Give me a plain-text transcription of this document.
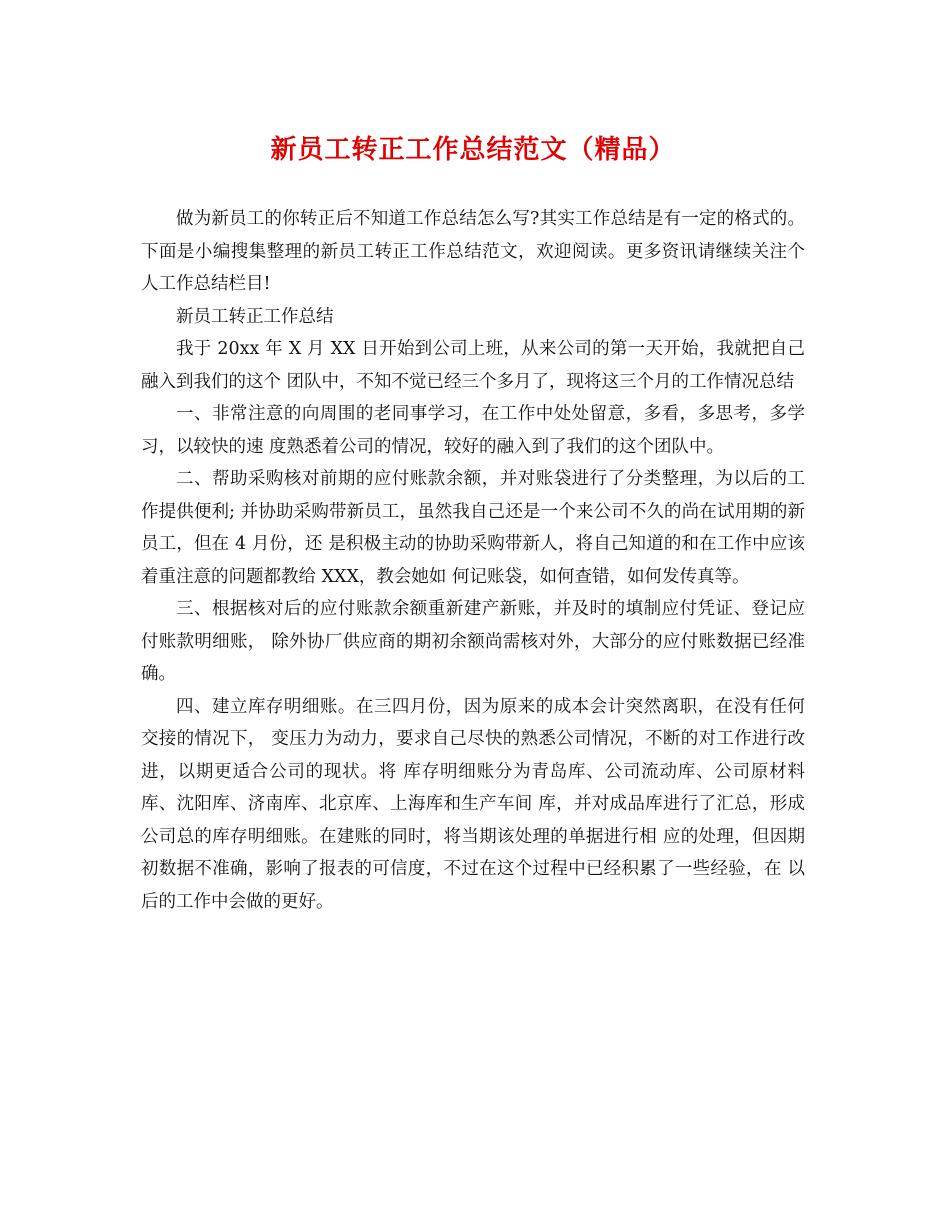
新员工转正工作总结范文（精品）

做为新员工的你转正后不知道工作总结怎么写?其实工作总结是有一定的格式的。下面是小编搜集整理的新员工转正工作总结范文，欢迎阅读。更多资讯请继续关注个人工作总结栏目!

新员工转正工作总结

我于 20xx 年 X 月 XX 日开始到公司上班，从来公司的第一天开始，我就把自己融入到我们的这个 团队中，不知不觉已经三个多月了，现将这三个月的工作情况总结

一、非常注意的向周围的老同事学习，在工作中处处留意，多看，多思考，多学习，以较快的速 度熟悉着公司的情况，较好的融入到了我们的这个团队中。

二、帮助采购核对前期的应付账款余额，并对账袋进行了分类整理，为以后的工作提供便利; 并协助采购带新员工，虽然我自己还是一个来公司不久的尚在试用期的新员工，但在 4 月份，还 是积极主动的协助采购带新人，将自己知道的和在工作中应该着重注意的问题都教给 XXX，教会她如 何记账袋，如何查错，如何发传真等。

三、根据核对后的应付账款余额重新建产新账，并及时的填制应付凭证、登记应付账款明细账， 除外协厂供应商的期初余额尚需核对外，大部分的应付账数据已经准确。

四、建立库存明细账。在三四月份，因为原来的成本会计突然离职，在没有任何交接的情况下， 变压力为动力，要求自己尽快的熟悉公司情况，不断的对工作进行改进，以期更适合公司的现状。将 库存明细账分为青岛库、公司流动库、公司原材料库、沈阳库、济南库、北京库、上海库和生产车间 库，并对成品库进行了汇总，形成公司总的库存明细账。在建账的同时，将当期该处理的单据进行相 应的处理，但因期初数据不准确，影响了报表的可信度，不过在这个过程中已经积累了一些经验，在 以后的工作中会做的更好。
